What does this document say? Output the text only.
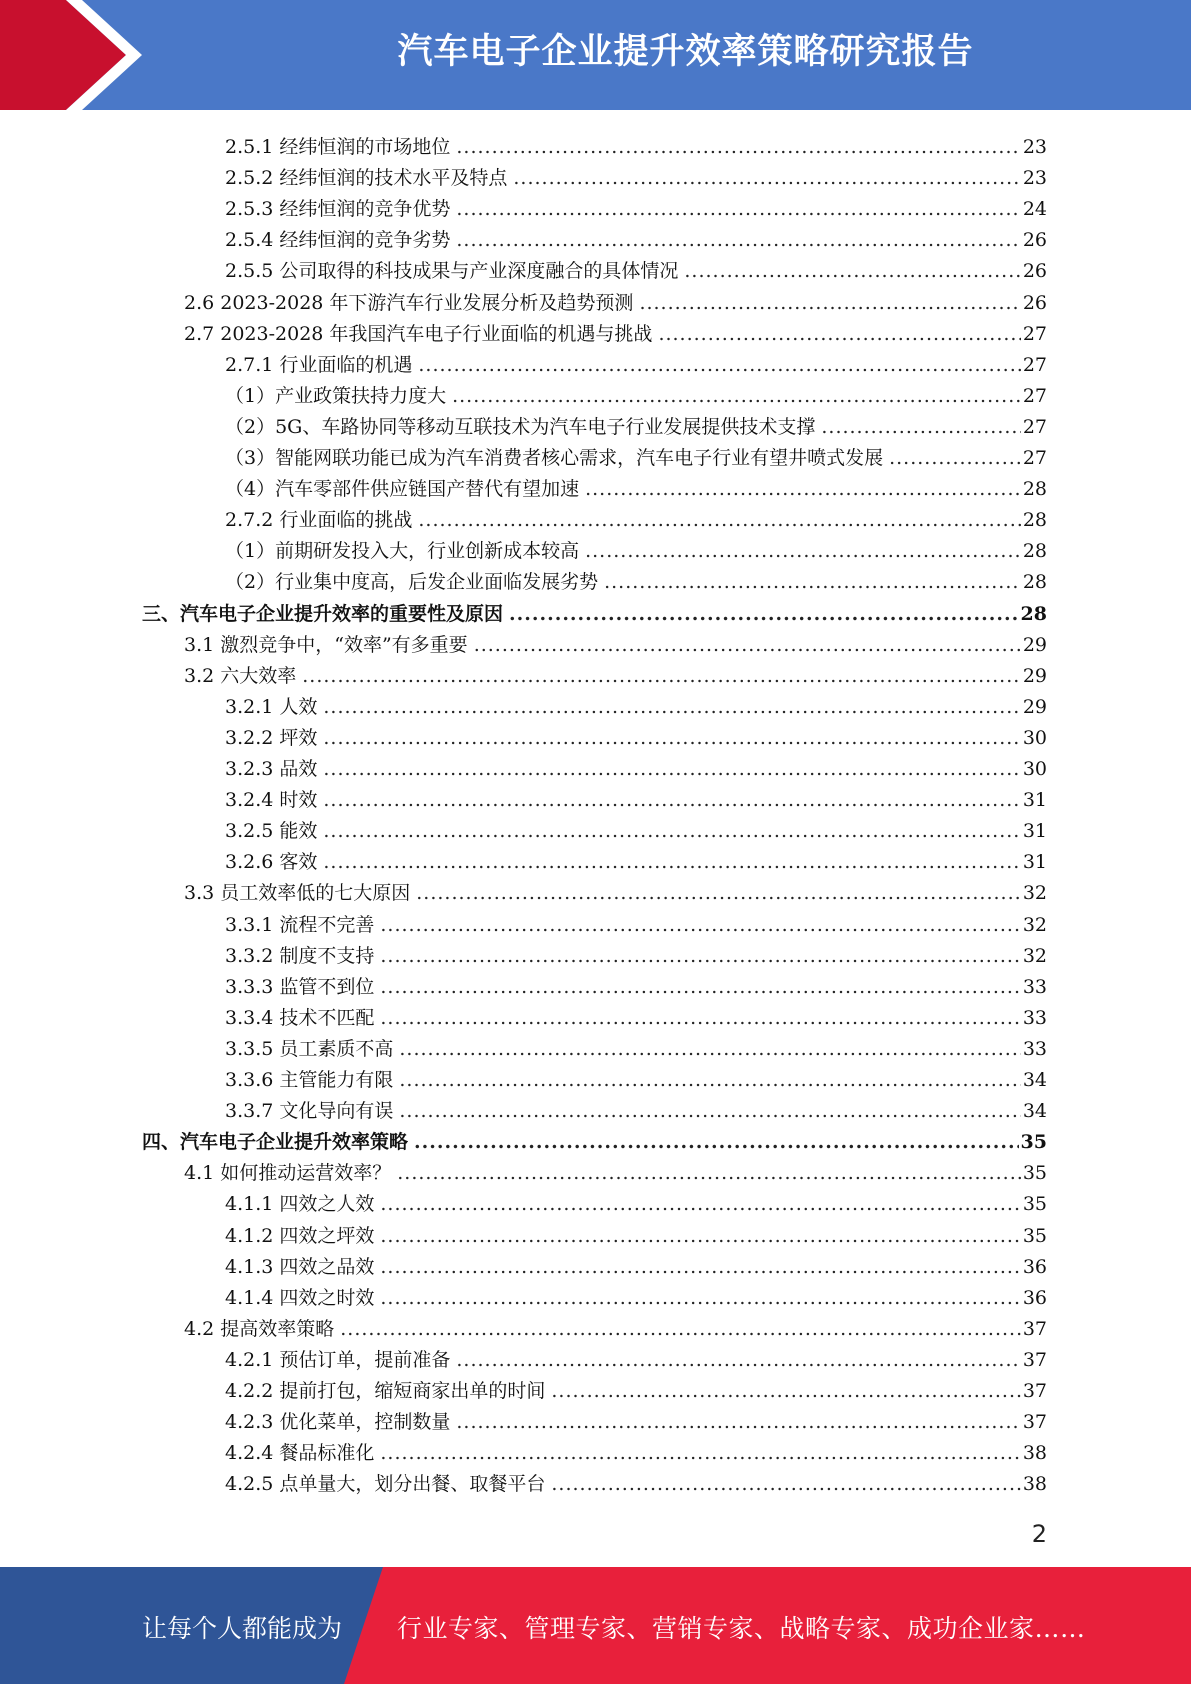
汽车电子企业提升效率策略研究报告
2.5.1 经纬恒润的市场地位 .....	23
2.5.2 经纬恒润的技术水平及特点 .....	23
2.5.3 经纬恒润的竞争优势 .....	24
2.5.4 经纬恒润的竞争劣势 .....	26
2.5.5 公司取得的科技成果与产业深度融合的具体情况 .....	26
2.6 2023-2028 年下游汽车行业发展分析及趋势预测 .....	26
2.7 2023-2028 年我国汽车电子行业面临的机遇与挑战 .....	27
2.7.1 行业面临的机遇 .....	27
（1）产业政策扶持力度大 .....	27
（2）5G、车路协同等移动互联技术为汽车电子行业发展提供技术支撑 .....	27
（3）智能网联功能已成为汽车消费者核心需求，汽车电子行业有望井喷式发展 .....	27
（4）汽车零部件供应链国产替代有望加速 .....	28
2.7.2 行业面临的挑战 .....	28
（1）前期研发投入大，行业创新成本较高 .....	28
（2）行业集中度高，后发企业面临发展劣势 .....	28
三、汽车电子企业提升效率的重要性及原因 .....	28
3.1 激烈竞争中，“效率”有多重要 .....	29
3.2 六大效率 .....	29
3.2.1 人效 .....	29
3.2.2 坪效 .....	30
3.2.3 品效 .....	30
3.2.4 时效 .....	31
3.2.5 能效 .....	31
3.2.6 客效 .....	31
3.3 员工效率低的七大原因 .....	32
3.3.1 流程不完善 .....	32
3.3.2 制度不支持 .....	32
3.3.3 监管不到位 .....	33
3.3.4 技术不匹配 .....	33
3.3.5 员工素质不高 .....	33
3.3.6 主管能力有限 .....	34
3.3.7 文化导向有误 .....	34
四、汽车电子企业提升效率策略 .....	35
4.1 如何推动运营效率？ .....	35
4.1.1 四效之人效 .....	35
4.1.2 四效之坪效 .....	35
4.1.3 四效之品效 .....	36
4.1.4 四效之时效 .....	36
4.2 提高效率策略 .....	37
4.2.1 预估订单，提前准备 .....	37
4.2.2 提前打包，缩短商家出单的时间 .....	37
4.2.3 优化菜单，控制数量 .....	37
4.2.4 餐品标准化 .....	38
4.2.5 点单量大，划分出餐、取餐平台 .....	38
2
让每个人都能成为 行业专家、管理专家、营销专家、战略专家、成功企业家……
